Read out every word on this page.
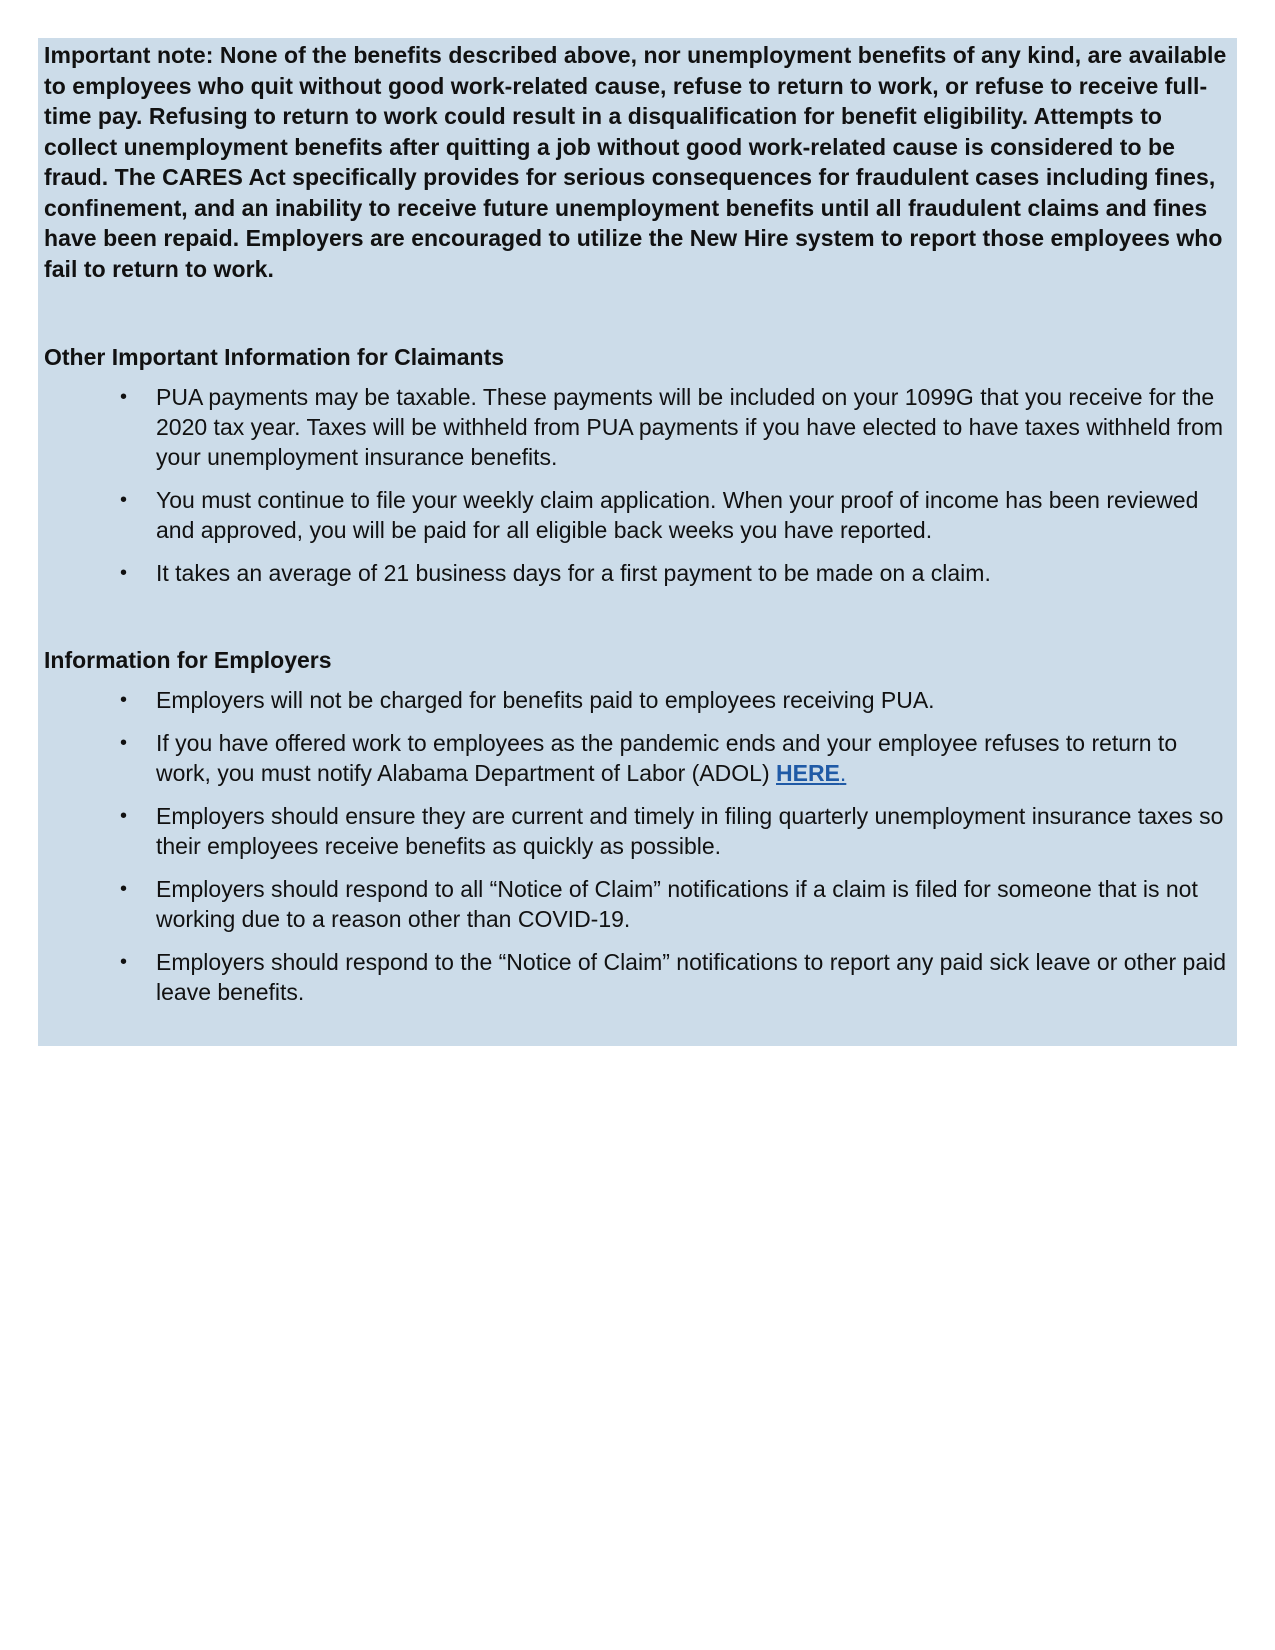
Important note: None of the benefits described above, nor unemployment benefits of any kind, are available to employees who quit without good work-related cause, refuse to return to work, or refuse to receive full-time pay. Refusing to return to work could result in a disqualification for benefit eligibility. Attempts to collect unemployment benefits after quitting a job without good work-related cause is considered to be fraud. The CARES Act specifically provides for serious consequences for fraudulent cases including fines, confinement, and an inability to receive future unemployment benefits until all fraudulent claims and fines have been repaid. Employers are encouraged to utilize the New Hire system to report those employees who fail to return to work.

Other Important Information for Claimants
• PUA payments may be taxable. These payments will be included on your 1099G that you receive for the 2020 tax year. Taxes will be withheld from PUA payments if you have elected to have taxes withheld from your unemployment insurance benefits.
• You must continue to file your weekly claim application. When your proof of income has been reviewed and approved, you will be paid for all eligible back weeks you have reported.
• It takes an average of 21 business days for a first payment to be made on a claim.
Information for Employers
• Employers will not be charged for benefits paid to employees receiving PUA.
• If you have offered work to employees as the pandemic ends and your employee refuses to return to work, you must notify Alabama Department of Labor (ADOL) HERE.
• Employers should ensure they are current and timely in filing quarterly unemployment insurance taxes so their employees receive benefits as quickly as possible.
• Employers should respond to all “Notice of Claim” notifications if a claim is filed for someone that is not working due to a reason other than COVID-19.
• Employers should respond to the “Notice of Claim” notifications to report any paid sick leave or other paid leave benefits.
